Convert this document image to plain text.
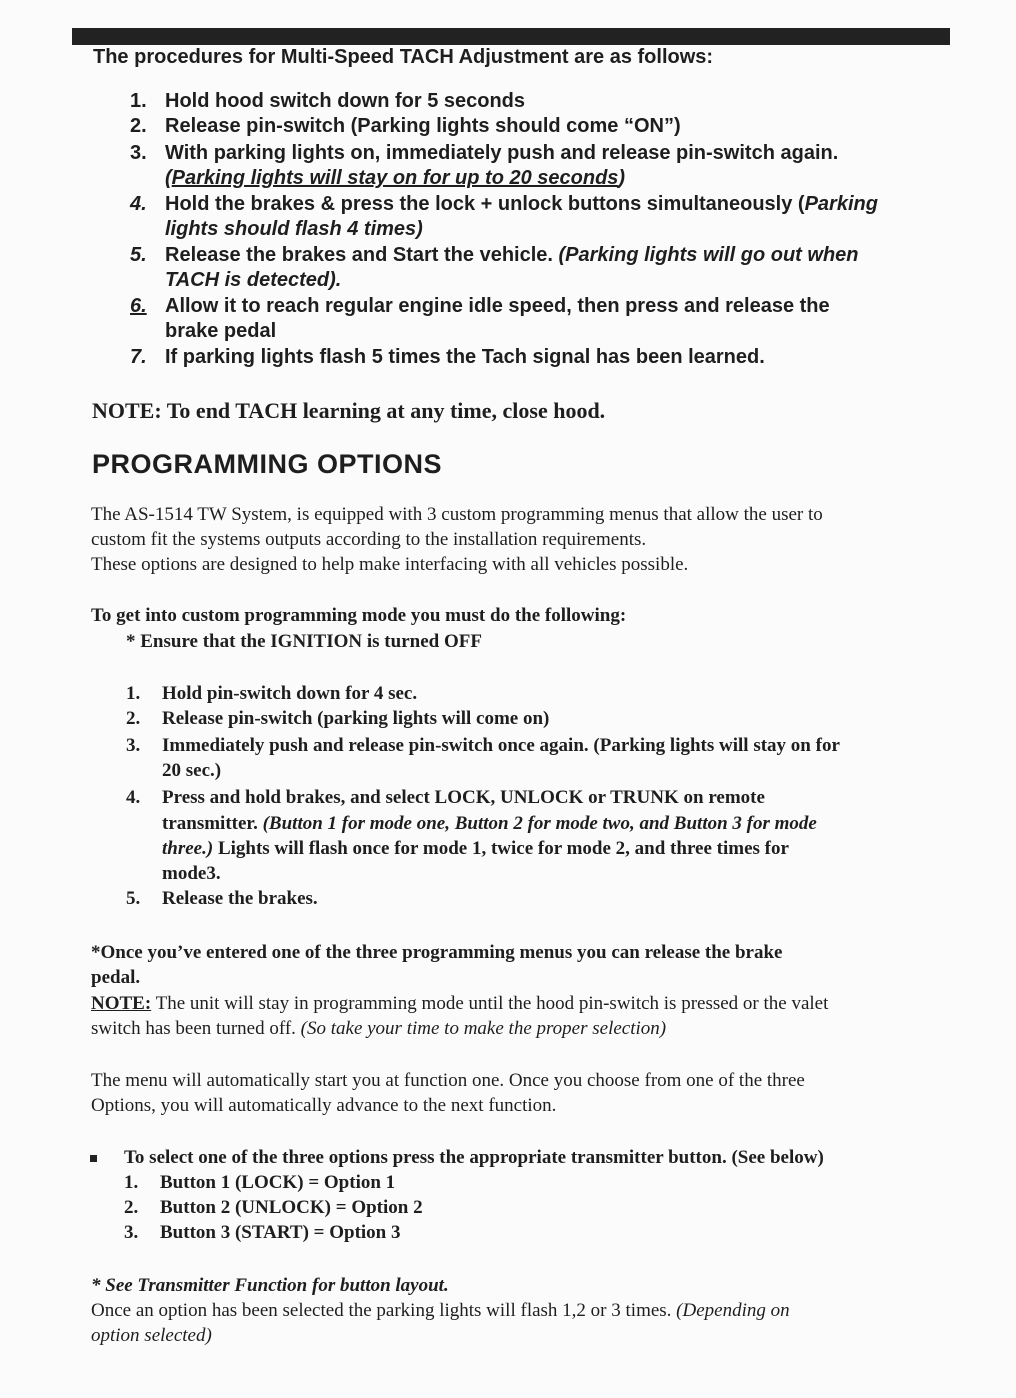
The procedures for Multi-Speed TACH Adjustment are as follows:
1. Hold hood switch down for 5 seconds
2. Release pin-switch (Parking lights should come “ON”)
3. With parking lights on, immediately push and release pin-switch again.
(Parking lights will stay on for up to 20 seconds)
4. Hold the brakes & press the lock + unlock buttons simultaneously (Parking
lights should flash 4 times)
5. Release the brakes and Start the vehicle. (Parking lights will go out when
TACH is detected).
6. Allow it to reach regular engine idle speed, then press and release the
brake pedal
7. If parking lights flash 5 times the Tach signal has been learned.
NOTE: To end TACH learning at any time, close hood.
PROGRAMMING OPTIONS
The AS-1514 TW System, is equipped with 3 custom programming menus that allow the user to
custom fit the systems outputs according to the installation requirements.
These options are designed to help make interfacing with all vehicles possible.
To get into custom programming mode you must do the following:
* Ensure that the IGNITION is turned OFF
1. Hold pin-switch down for 4 sec.
2. Release pin-switch (parking lights will come on)
3. Immediately push and release pin-switch once again. (Parking lights will stay on for
20 sec.)
4. Press and hold brakes, and select LOCK, UNLOCK or TRUNK on remote
transmitter. (Button 1 for mode one, Button 2 for mode two, and Button 3 for mode
three.) Lights will flash once for mode 1, twice for mode 2, and three times for
mode3.
5. Release the brakes.
*Once you’ve entered one of the three programming menus you can release the brake
pedal.
NOTE: The unit will stay in programming mode until the hood pin-switch is pressed or the valet
switch has been turned off. (So take your time to make the proper selection)
The menu will automatically start you at function one. Once you choose from one of the three
Options, you will automatically advance to the next function.
To select one of the three options press the appropriate transmitter button. (See below)
1. Button 1 (LOCK) = Option 1
2. Button 2 (UNLOCK) = Option 2
3. Button 3 (START) = Option 3
* See Transmitter Function for button layout.
Once an option has been selected the parking lights will flash 1,2 or 3 times. (Depending on
option selected)
